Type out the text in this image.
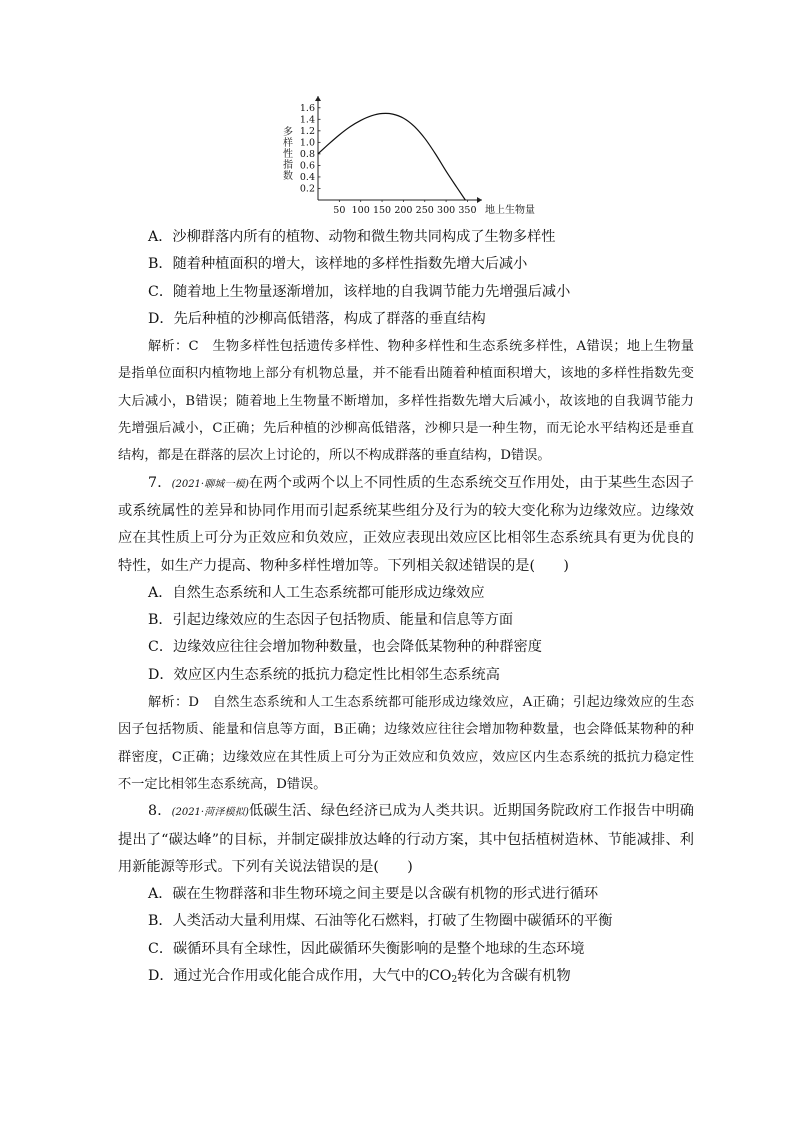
50 100 150 200 250 300 350
0.2
0.4
0.6
0.8
1.0
1.2
1.4
1.6
地上生物量
多样性指数

A．沙柳群落内所有的植物、动物和微生物共同构成了生物多样性

B．随着种植面积的增大，该样地的多样性指数先增大后减小

C．随着地上生物量逐渐增加，该样地的自我调节能力先增强后减小

D．先后种植的沙柳高低错落，构成了群落的垂直结构

解析：C　生物多样性包括遗传多样性、物种多样性和生态系统多样性，A错误；地上生物量是指单位面积内植物地上部分有机物总量，并不能看出随着种植面积增大，该地的多样性指数先变大后减小，B错误；随着地上生物量不断增加，多样性指数先增大后减小，故该地的自我调节能力先增强后减小，C正确；先后种植的沙柳高低错落，沙柳只是一种生物，而无论水平结构还是垂直结构，都是在群落的层次上讨论的，所以不构成群落的垂直结构，D错误。

7．(2021·聊城一模)在两个或两个以上不同性质的生态系统交互作用处，由于某些生态因子或系统属性的差异和协同作用而引起系统某些组分及行为的较大变化称为边缘效应。边缘效应在其性质上可分为正效应和负效应，正效应表现出效应区比相邻生态系统具有更为优良的特性，如生产力提高、物种多样性增加等。下列相关叙述错误的是(　　)

A．自然生态系统和人工生态系统都可能形成边缘效应

B．引起边缘效应的生态因子包括物质、能量和信息等方面

C．边缘效应往往会增加物种数量，也会降低某物种的种群密度

D．效应区内生态系统的抵抗力稳定性比相邻生态系统高

解析：D　自然生态系统和人工生态系统都可能形成边缘效应，A正确；引起边缘效应的生态因子包括物质、能量和信息等方面，B正确；边缘效应往往会增加物种数量，也会降低某物种的种群密度，C正确；边缘效应在其性质上可分为正效应和负效应，效应区内生态系统的抵抗力稳定性不一定比相邻生态系统高，D错误。

8．(2021·菏泽模拟)低碳生活、绿色经济已成为人类共识。近期国务院政府工作报告中明确提出了“碳达峰”的目标，并制定碳排放达峰的行动方案，其中包括植树造林、节能减排、利用新能源等形式。下列有关说法错误的是(　　)

A．碳在生物群落和非生物环境之间主要是以含碳有机物的形式进行循环

B．人类活动大量利用煤、石油等化石燃料，打破了生物圈中碳循环的平衡

C．碳循环具有全球性，因此碳循环失衡影响的是整个地球的生态环境

D．通过光合作用或化能合成作用，大气中的$CO_2$转化为含碳有机物
